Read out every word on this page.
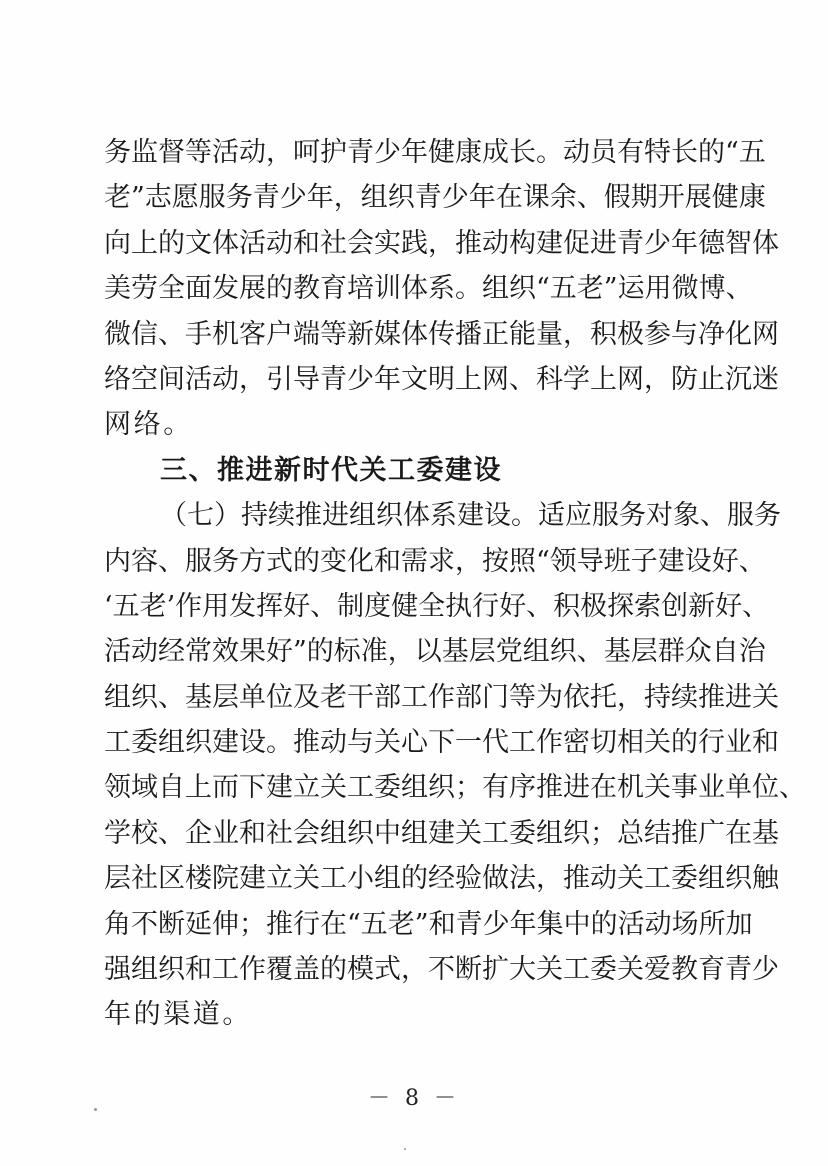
务监督等活动，呵护青少年健康成长。动员有特长的“五
老”志愿服务青少年，组织青少年在课余、假期开展健康
向上的文体活动和社会实践，推动构建促进青少年德智体
美劳全面发展的教育培训体系。组织“五老”运用微博、
微信、手机客户端等新媒体传播正能量，积极参与净化网
络空间活动，引导青少年文明上网、科学上网，防止沉迷
网络。
三、推进新时代关工委建设
（七）持续推进组织体系建设。适应服务对象、服务
内容、服务方式的变化和需求，按照“领导班子建设好、
‘五老’作用发挥好、制度健全执行好、积极探索创新好、
活动经常效果好”的标准，以基层党组织、基层群众自治
组织、基层单位及老干部工作部门等为依托，持续推进关
工委组织建设。推动与关心下一代工作密切相关的行业和
领域自上而下建立关工委组织；有序推进在机关事业单位、
学校、企业和社会组织中组建关工委组织；总结推广在基
层社区楼院建立关工小组的经验做法，推动关工委组织触
角不断延伸；推行在“五老”和青少年集中的活动场所加
强组织和工作覆盖的模式，不断扩大关工委关爱教育青少
年的渠道。
－ 8 －
